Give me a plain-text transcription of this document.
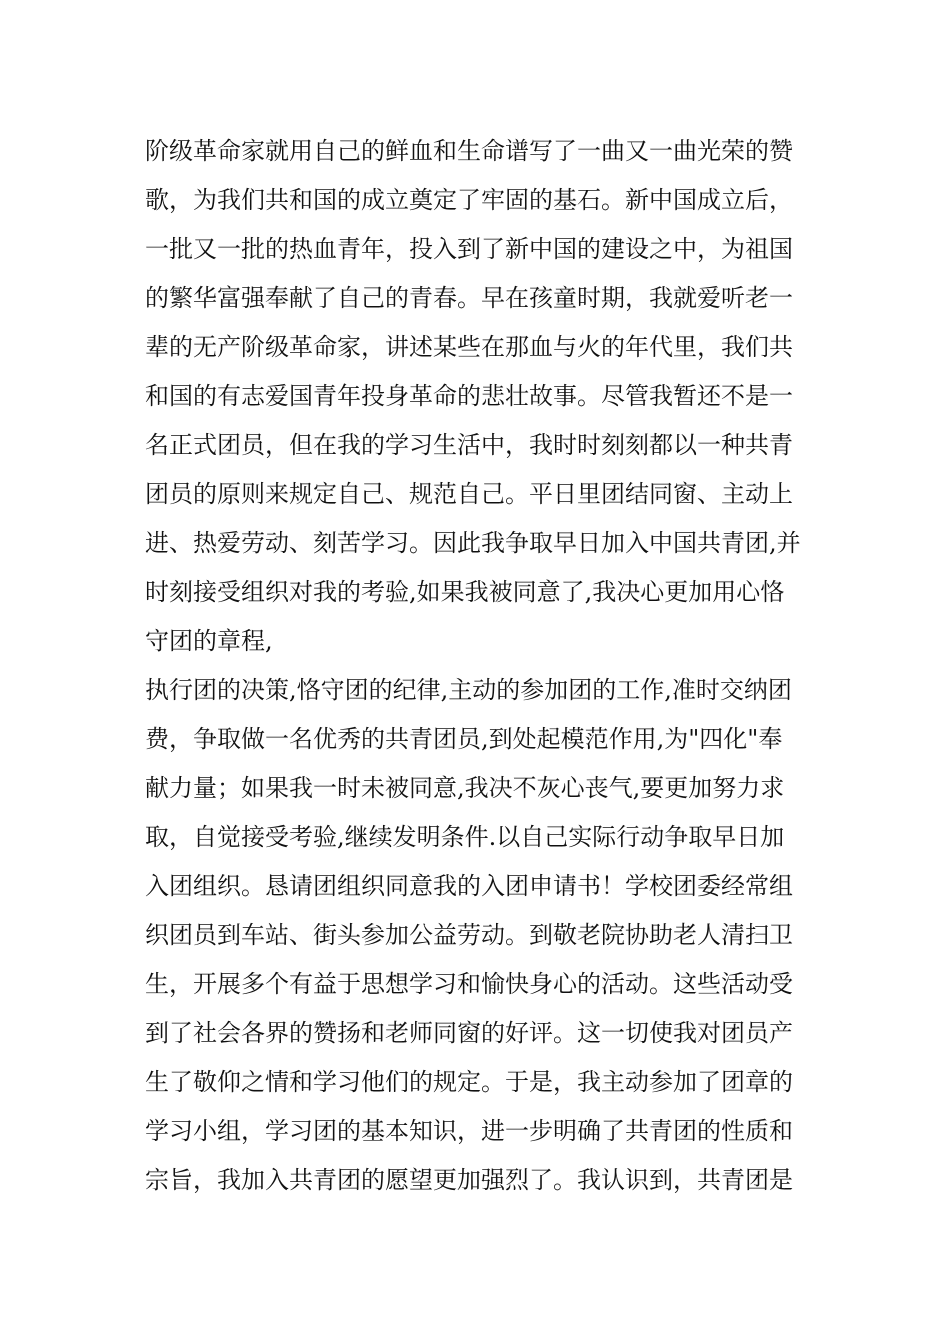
阶级革命家就用自己的鲜血和生命谱写了一曲又一曲光荣的赞
歌，为我们共和国的成立奠定了牢固的基石。新中国成立后，
一批又一批的热血青年，投入到了新中国的建设之中，为祖国
的繁华富强奉献了自己的青春。早在孩童时期，我就爱听老一
辈的无产阶级革命家，讲述某些在那血与火的年代里，我们共
和国的有志爱国青年投身革命的悲壮故事。尽管我暂还不是一
名正式团员，但在我的学习生活中，我时时刻刻都以一种共青
团员的原则来规定自己、规范自己。平日里团结同窗、主动上
进、热爱劳动、刻苦学习。因此我争取早日加入中国共青团,并
时刻接受组织对我的考验,如果我被同意了,我决心更加用心恪
守团的章程,
执行团的决策,恪守团的纪律,主动的参加团的工作,准时交纳团
费，争取做一名优秀的共青团员,到处起模范作用,为"四化"奉
献力量；如果我一时未被同意,我决不灰心丧气,要更加努力求
取，自觉接受考验,继续发明条件.以自己实际行动争取早日加
入团组织。恳请团组织同意我的入团申请书！学校团委经常组
织团员到车站、街头参加公益劳动。到敬老院协助老人清扫卫
生，开展多个有益于思想学习和愉快身心的活动。这些活动受
到了社会各界的赞扬和老师同窗的好评。这一切使我对团员产
生了敬仰之情和学习他们的规定。于是，我主动参加了团章的
学习小组，学习团的基本知识，进一步明确了共青团的性质和
宗旨，我加入共青团的愿望更加强烈了。我认识到，共青团是
